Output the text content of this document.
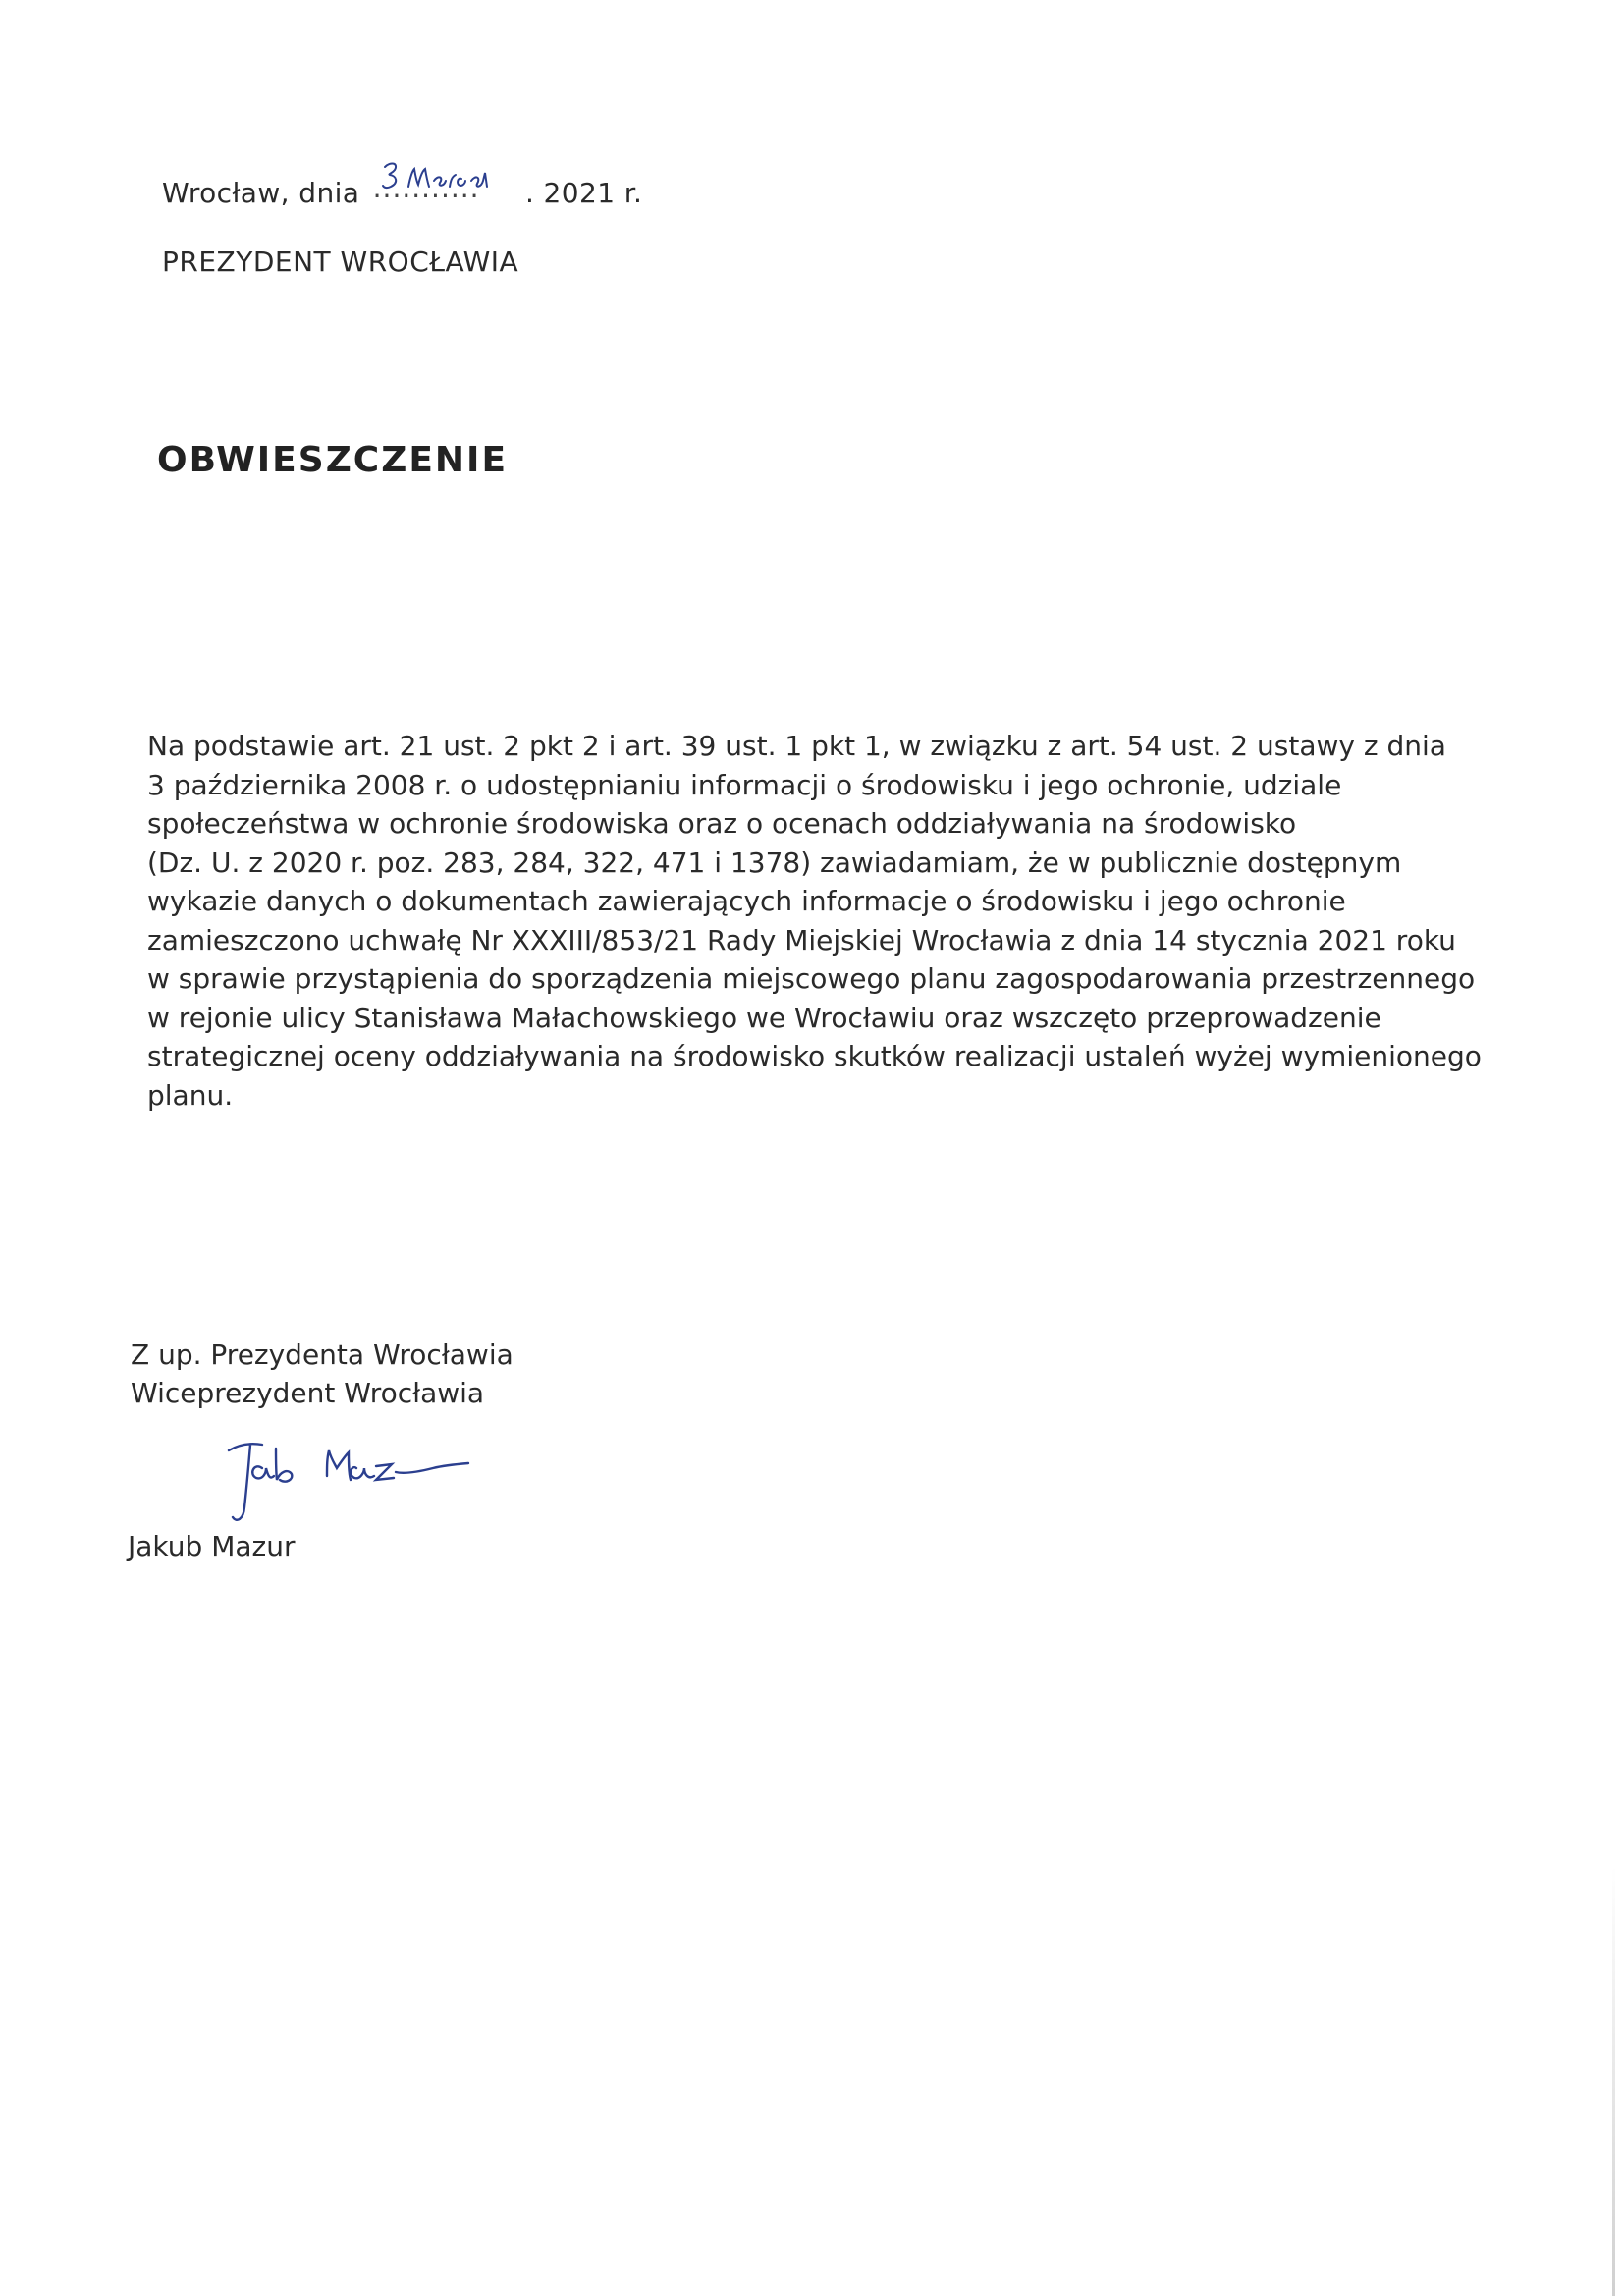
Wrocław, dnia ........... . 2021 r.
PREZYDENT WROCŁAWIA
OBWIESZCZENIE
Na podstawie art. 21 ust. 2 pkt 2 i art. 39 ust. 1 pkt 1, w związku z art. 54 ust. 2 ustawy z dnia
3 października 2008 r. o udostępnianiu informacji o środowisku i jego ochronie, udziale
społeczeństwa w ochronie środowiska oraz o ocenach oddziaływania na środowisko
(Dz. U. z 2020 r. poz. 283, 284, 322, 471 i 1378) zawiadamiam, że w publicznie dostępnym
wykazie danych o dokumentach zawierających informacje o środowisku i jego ochronie
zamieszczono uchwałę Nr XXXIII/853/21 Rady Miejskiej Wrocławia z dnia 14 stycznia 2021 roku
w sprawie przystąpienia do sporządzenia miejscowego planu zagospodarowania przestrzennego
w rejonie ulicy Stanisława Małachowskiego we Wrocławiu oraz wszczęto przeprowadzenie
strategicznej oceny oddziaływania na środowisko skutków realizacji ustaleń wyżej wymienionego
planu.
Z up. Prezydenta Wrocławia
Wiceprezydent Wrocławia
Jakub Mazur
